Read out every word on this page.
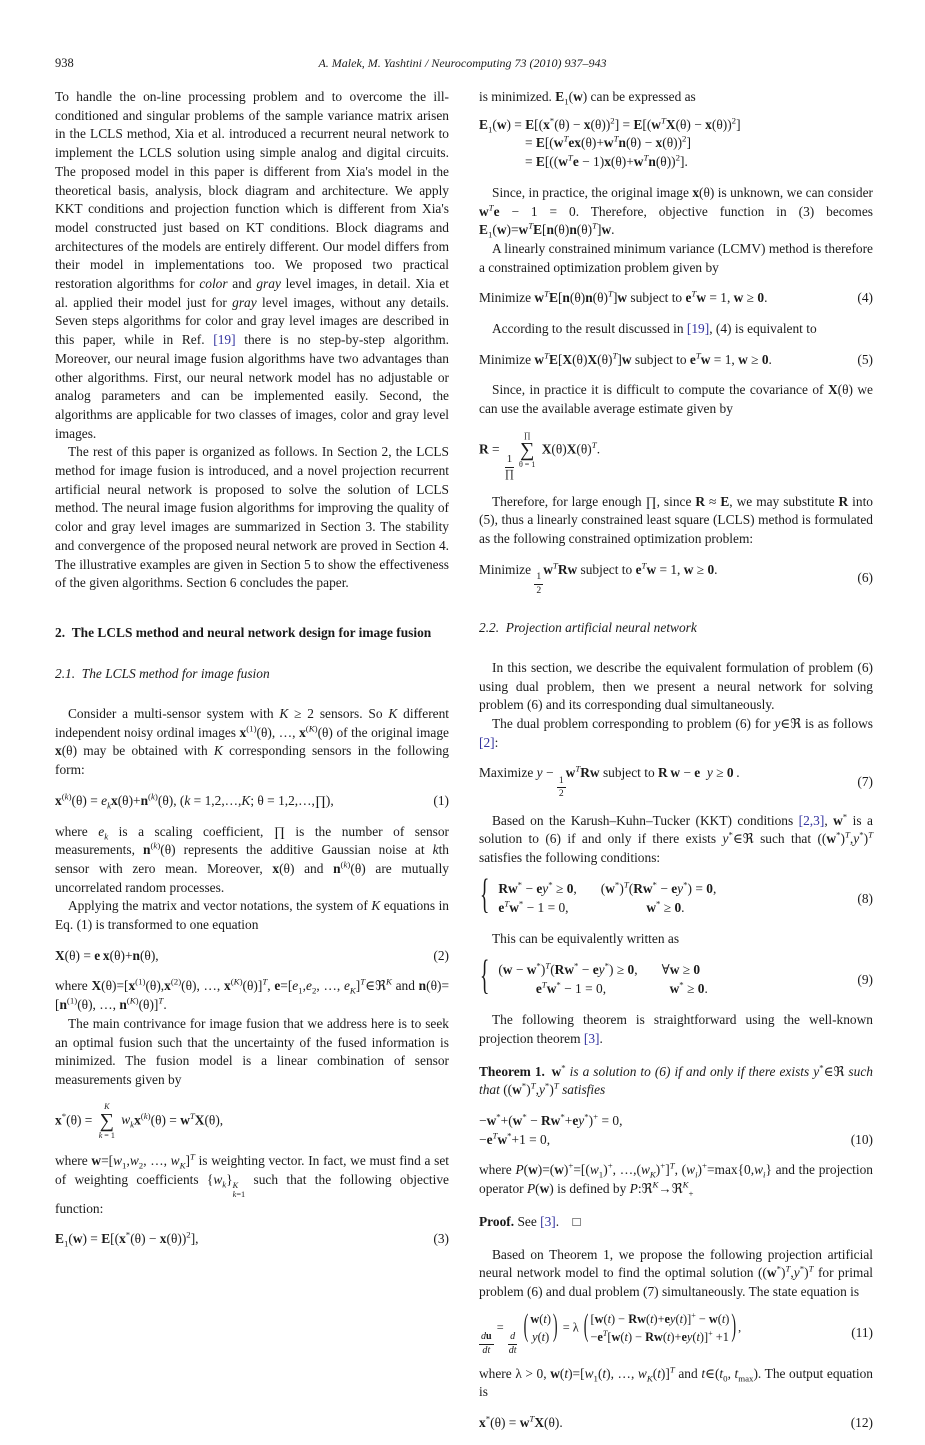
938	A. Malek, M. Yashtini / Neurocomputing 73 (2010) 937–943

To handle the on-line processing problem and to overcome the ill-conditioned and singular problems of the sample variance matrix arisen in the LCLS method, Xia et al. introduced a recurrent neural network to implement the LCLS solution using simple analog and digital circuits. The proposed model in this paper is different from Xia's model in the theoretical basis, analysis, block diagram and architecture. We apply KKT conditions and projection function which is different from Xia's model constructed just based on KT conditions. Block diagrams and architectures of the models are entirely different. Our model differs from their model in implementations too. We proposed two practical restoration algorithms for color and gray level images, in detail. Xia et al. applied their model just for gray level images, without any details. Seven steps algorithms for color and gray level images are described in this paper, while in Ref. [19] there is no step-by-step algorithm. Moreover, our neural image fusion algorithms have two advantages than other algorithms. First, our neural network model has no adjustable or analog parameters and can be implemented easily. Second, the algorithms are applicable for two classes of images, color and gray level images.

The rest of this paper is organized as follows. In Section 2, the LCLS method for image fusion is introduced, and a novel projection recurrent artificial neural network is proposed to solve the solution of LCLS method. The neural image fusion algorithms for improving the quality of color and gray level images are summarized in Section 3. The stability and convergence of the proposed neural network are proved in Section 4. The illustrative examples are given in Section 5 to show the effectiveness of the given algorithms. Section 6 concludes the paper.

2.  The LCLS method and neural network design for image fusion
2.1.  The LCLS method for image fusion

Consider a multi-sensor system with K ≥ 2 sensors. So K different independent noisy ordinal images $x^{(1)}(\theta)$, …, $x^{(K)}(\theta)$ of the original image x(θ) may be obtained with K corresponding sensors in the following form:

$x^{(k)}(\theta) = e_kx(\theta)+n^{(k)}(\theta)$, (k = 1,2,…,K; θ = 1,2,…,∏),	(1)

where $e_k$ is a scaling coefficient, ∏ is the number of sensor measurements, $n^{(k)}(\theta)$ represents the additive Gaussian noise at kth sensor with zero mean. Moreover, x(θ) and $n^{(k)}(\theta)$ are mutually uncorrelated random processes.

Applying the matrix and vector notations, the system of K equations in Eq. (1) is transformed to one equation

X(θ) = e  x(θ)+n(θ),	(2)

where $X(\theta)=[x^{(1)}(\theta),x^{(2)}(\theta)$, …, $x^{(K)}(\theta)]^T$, $e=[e_1,e_2$, …, $e_K]^T\in ℜ^K$ and $n(\theta)=[n^{(1)}(\theta)$, …, $n^{(K)}(\theta)]^T$.

The main contrivance for image fusion that we address here is to seek an optimal fusion such that the uncertainty of the fused information is minimized. The fusion model is a linear combination of sensor measurements given by

x*(θ) =
K
∑
k = 1
$w_kx^{(k)}(\theta) = w^TX(\theta)$,

where $w=[w_1,w_2$, …, $w_K]^T$ is weighting vector. In fact, we must find a set of weighting coefficients $\{w_k\}$ K
k=1
such that the following objective function:

$E_1(w) = E[(x^*(\theta) - x(\theta))^2]$,	(3)

is minimized. $E_1(w)$ can be expressed as

$E_1(w) = E[(x^*(\theta) - x(\theta))^2] = E[(w^TX(\theta) - x(\theta))^2]$
= $E[(w^Tex(\theta)+w^Tn(\theta) - x(\theta))^2]$
= $E[((w^Te - 1)x(\theta)+w^Tn(\theta))^2]$.

Since, in practice, the original image x(θ) is unknown, we can consider $w^Te - 1 = 0$. Therefore, objective function in (3) becomes $E_1(w)=w^TE[n(\theta)n(\theta)^T]w$.

A linearly constrained minimum variance (LCMV) method is therefore a constrained optimization problem given by

Minimize $w^TE[n(\theta)n(\theta)^T]w$ subject to $e^Tw = 1$, w ≥ 0.	(4)

According to the result discussed in [19], (4) is equivalent to

Minimize $w^TE[X(\theta)X(\theta)^T]w$ subject to $e^Tw = 1$, w ≥ 0.	(5)

Since, in practice it is difficult to compute the covariance of X(θ) we can use the available average estimate given by

R =
$\frac{1}{\prod}$
∏
∑
θ = 1
$X(\theta)X(\theta)^T$.

Therefore, for large enough ∏, since R ≈ E, we may substitute R into (5), thus a linearly constrained least square (LCLS) method is formulated as the following constrained optimization problem:

Minimize
$\frac{1}{2}$
$w^TRw$ subject to $e^Tw = 1$, w ≥ 0.
(6)
2.2.  Projection artificial neural network

In this section, we describe the equivalent formulation of problem (6) using dual problem, then we present a neural network for solving problem (6) and its corresponding dual simultaneously.

The dual problem corresponding to problem (6) for y∈ℜ is as follows [2]:

Maximize y −
$\frac{1}{2}$
$w^TRw$ subject to R  w − e  y ≥ 0 .
(7)

Based on the Karush–Kuhn–Tucker (KKT) conditions [2,3], w* is a solution to (6) if and only if there exists y*∈ℜ such that $((w^*)^T,y^*)^T$ satisfies the following conditions:

{ Rw* − ey* ≥ 0, $(w^*)^T(Rw^* - ey^*) = 0$,
$e^Tw^* - 1 = 0$,	w* ≥ 0.
(8)

This can be equivalently written as

{ $(w - w^*)^T(Rw^* - ey^*) \ge 0$, ∀w ≥ 0
$e^Tw^* - 1 = 0$,	w* ≥ 0.
(9)

The following theorem is straightforward using the well-known projection theorem [3].

Theorem 1.  w* is a solution to (6) if and only if there exists y*∈ℜ such that $((w^*)^T,y^*)^T$ satisfies

−w*+(w* − Rw*+ey*)+ = 0,
$-e^Tw^*+1 = 0$,	(10)

where $P(w)=(w)^+=[(w_1)^+$, $\dots,(w_K)^+]^T$, $(w_i)^+=\max\{0,w_i\}$ and the projection operator P(w) is defined by P:ℜ$^K$→ℜ$^K_+$

Proof. See [3]. □

Based on Theorem 1, we propose the following projection artificial neural network model to find the optimal solution $((w^*)^T,y^*)^T$ for primal problem (6) and dual problem (7) simultaneously. The state equation is

$\frac{du}{dt}$
=
$\frac{d}{dt}$ ( w(t)
y(t) ) = λ ( [w(t) − Rw(t)+ey(t)]+ − w(t)
$-e^T[w(t) - Rw(t)+ey(t)]^+ +1$ ) ,	(11)

where λ > 0, $w(t)=[w_1(t)$, …, $w_K(t)]^T$ and $t\in(t_0$, $t_{max}$). The output equation is

$x^*(\theta) = w^TX(\theta)$.	(12)
